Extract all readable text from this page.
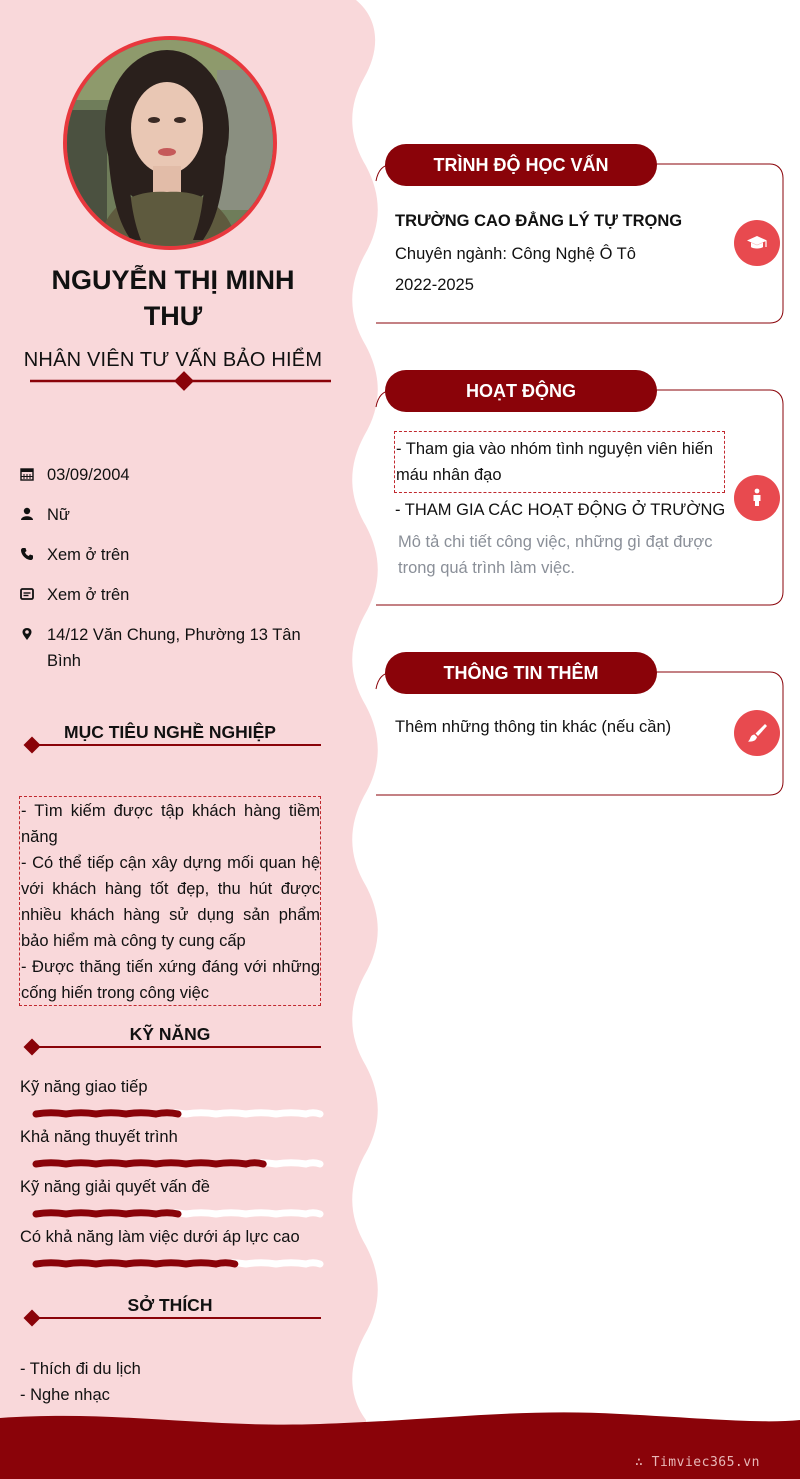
NGUYỄN THỊ MINH THƯ
NHÂN VIÊN TƯ VẤN BẢO HIỂM
03/09/2004
Nữ
Xem ở trên
Xem ở trên
14/12 Văn Chung, Phường 13 Tân Bình
MỤC TIÊU NGHỀ NGHIỆP
- Tìm kiếm được tập khách hàng tiềm năng
- Có thể tiếp cận xây dựng mối quan hệ với khách hàng tốt đẹp, thu hút được nhiều khách hàng sử dụng sản phẩm bảo hiểm mà công ty cung cấp
- Được thăng tiến xứng đáng với những cống hiến trong công việc
KỸ NĂNG
Kỹ năng giao tiếp
Khả năng thuyết trình
Kỹ năng giải quyết vấn đề
Có khả năng làm việc dưới áp lực cao
SỞ THÍCH
- Thích đi du lịch
- Nghe nhạc
TRÌNH ĐỘ HỌC VẤN
TRƯỜNG CAO ĐẲNG LÝ TỰ TRỌNG
Chuyên ngành: Công Nghệ Ô Tô
2022-2025
HOẠT ĐỘNG
- Tham gia vào nhóm tình nguyện viên hiến máu nhân đạo
- THAM GIA CÁC HOẠT ĐỘNG Ở TRƯỜNG
Mô tả chi tiết công việc, những gì đạt được trong quá trình làm việc.
THÔNG TIN THÊM
Thêm những thông tin khác (nếu cần)
∴ Timviec365.vn
